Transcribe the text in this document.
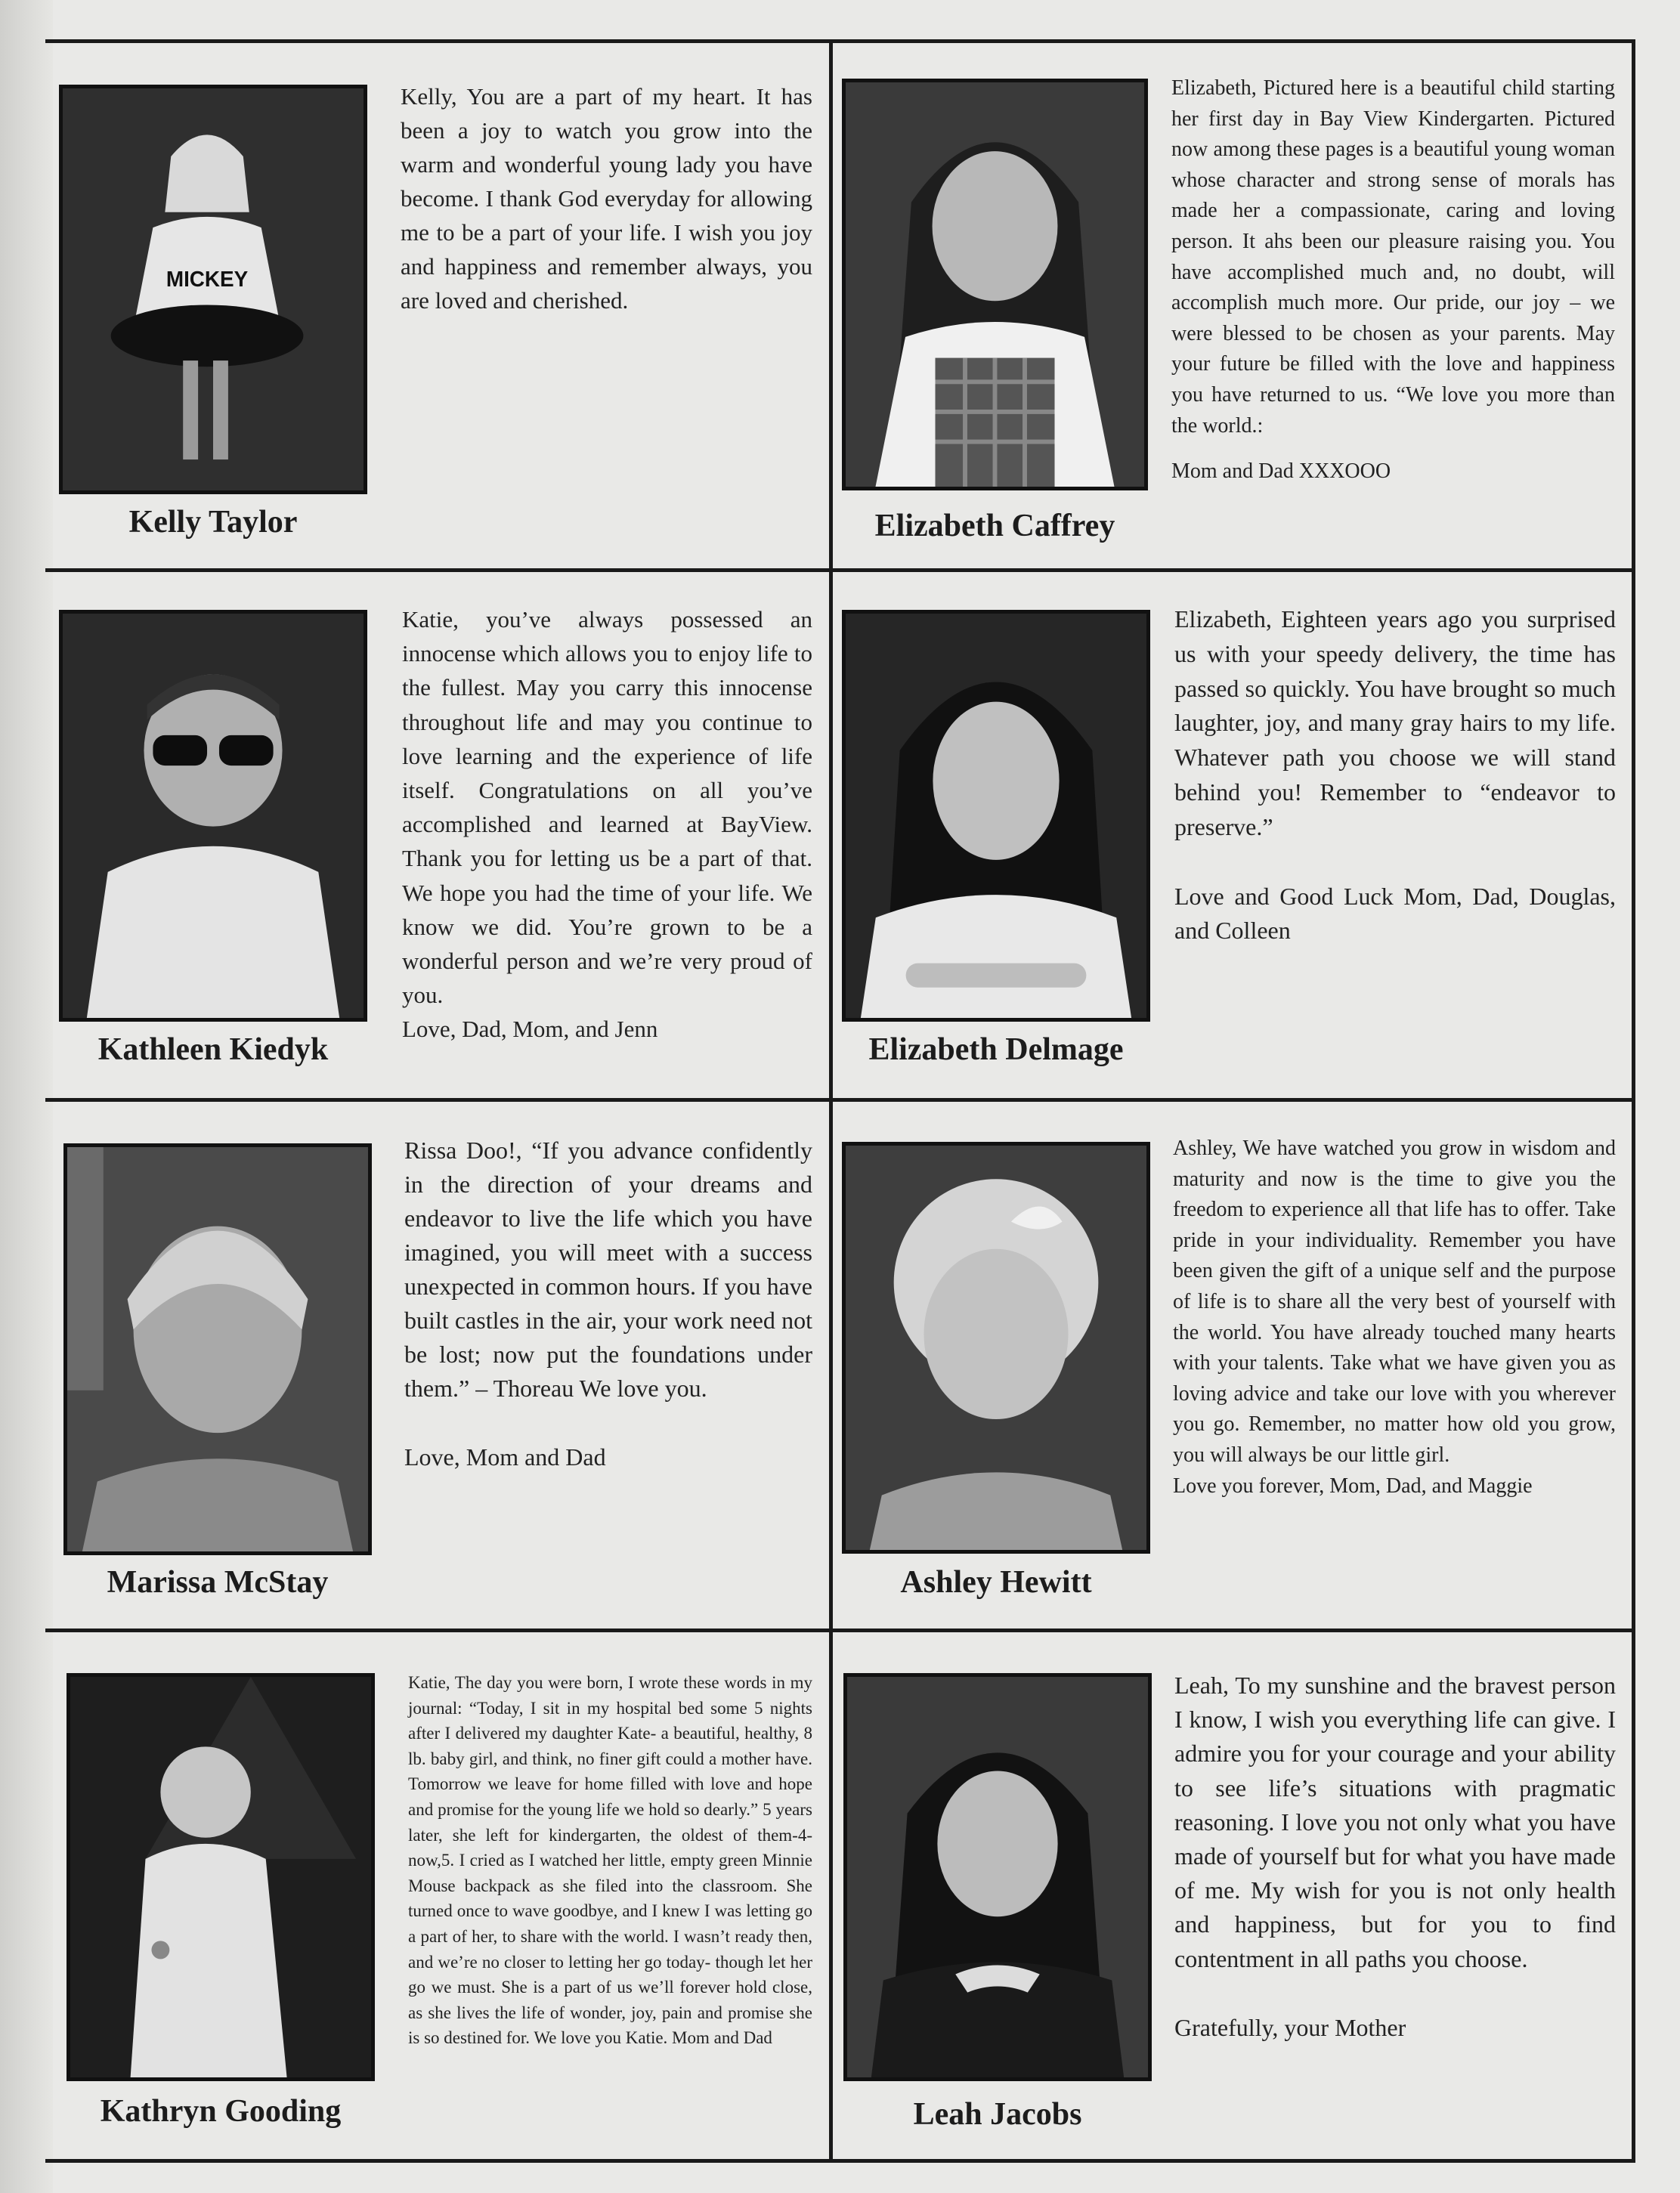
MICKEY
Kelly Taylor

Kelly, You are a part of my heart. It has been a joy to watch you grow into the warm and wonderful young lady you have become. I thank God everyday for allowing me to be a part of your life. I wish you joy and happiness and remember always, you are loved and cherished.

Elizabeth Caffrey

Elizabeth, Pictured here is a beautiful child starting her first day in Bay View Kindergarten. Pictured now among these pages is a beautiful young woman whose character and strong sense of morals has made her a compassionate, caring and loving person. It ahs been our pleasure raising you. You have accomplished much and, no doubt, will accomplish much more. Our pride, our joy – we were blessed to be chosen as your parents. May your future be filled with the love and happiness you have returned to us. “We love you more than the world.:

Mom and Dad XXXOOO

Kathleen Kiedyk

Katie, you’ve always possessed an innocense which allows you to enjoy life to the fullest. May you carry this innocense throughout life and may you continue to love learning and the experience of life itself. Congratulations on all you’ve accomplished and learned at BayView. Thank you for letting us be a part of that. We hope you had the time of your life. We know we did. You’re grown to be a wonderful person and we’re very proud of you.

Love, Dad, Mom, and Jenn

Elizabeth Delmage

Elizabeth, Eighteen years ago you surprised us with your speedy delivery, the time has passed so quickly. You have brought so much laughter, joy, and many gray hairs to my life. Whatever path you choose we will stand behind you! Remember to “endeavor to preserve.”

Love and Good Luck Mom, Dad, Douglas, and Colleen

Marissa McStay

Rissa Doo!, “If you advance confidently in the direction of your dreams and endeavor to live the life which you have imagined, you will meet with a success unexpected in common hours. If you have built castles in the air, your work need not be lost; now put the foundations under them.” – Thoreau We love you.

Love, Mom and Dad

Ashley Hewitt

Ashley, We have watched you grow in wisdom and maturity and now is the time to give you the freedom to experience all that life has to offer. Take pride in your individuality. Remember you have been given the gift of a unique self and the purpose of life is to share all the very best of yourself with the world. You have already touched many hearts with your talents. Take what we have given you as loving advice and take our love with you wherever you go. Remember, no matter how old you grow, you will always be our little girl.

Love you forever, Mom, Dad, and Maggie

Kathryn Gooding

Katie, The day you were born, I wrote these words in my journal: “Today, I sit in my hospital bed some 5 nights after I delivered my daughter Kate- a beautiful, healthy, 8 lb. baby girl, and think, no finer gift could a mother have. Tomorrow we leave for home filled with love and hope and promise for the young life we hold so dearly.” 5 years later, she left for kindergarten, the oldest of them-4-now,5. I cried as I watched her little, empty green Minnie Mouse backpack as she filed into the classroom. She turned once to wave goodbye, and I knew I was letting go a part of her, to share with the world. I wasn’t ready then, and we’re no closer to letting her go today- though let her go we must. She is a part of us we’ll forever hold close, as she lives the life of wonder, joy, pain and promise she is so destined for. We love you Katie. Mom and Dad

Leah Jacobs

Leah, To my sunshine and the bravest person I know, I wish you everything life can give. I admire you for your courage and your ability to see life’s situations with pragmatic reasoning. I love you not only what you have made of yourself but for what you have made of me. My wish for you is not only health and happiness, but for you to find contentment in all paths you choose.

Gratefully, your Mother
